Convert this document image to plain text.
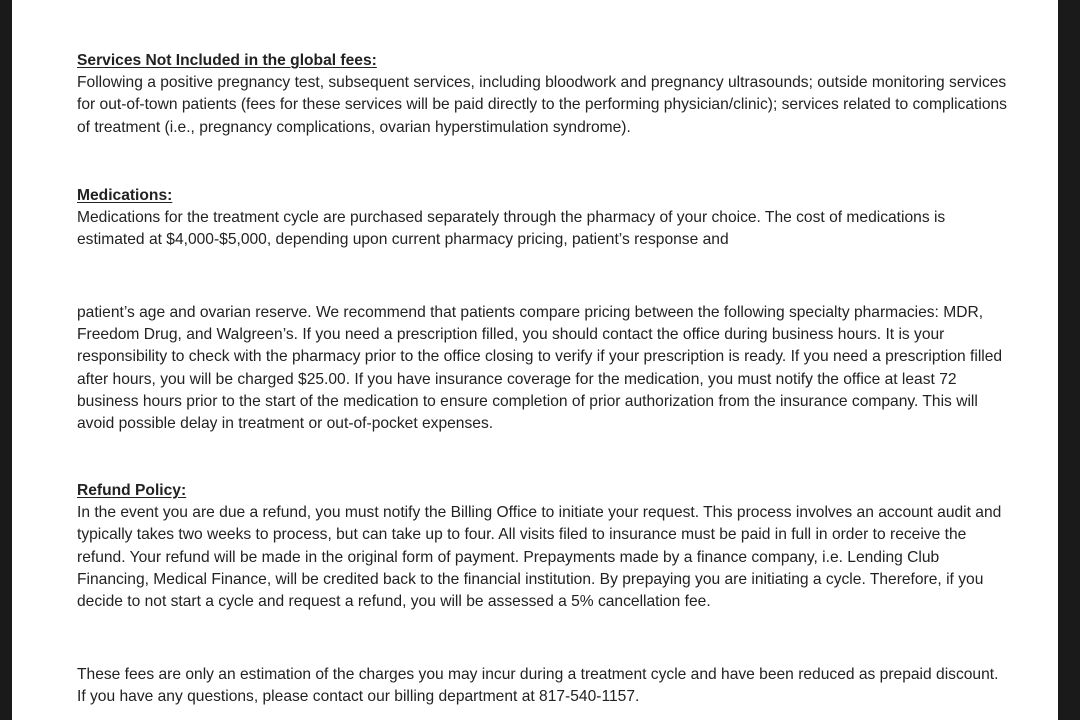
Services Not Included in the global fees:

Following a positive pregnancy test, subsequent services, including bloodwork and pregnancy ultrasounds; outside monitoring services for out-of-town patients (fees for these services will be paid directly to the performing physician/clinic); services related to complications of treatment (i.e., pregnancy complications, ovarian hyperstimulation syndrome).

Medications:

Medications for the treatment cycle are purchased separately through the pharmacy of your choice. The cost of medications is estimated at $4,000-$5,000, depending upon current pharmacy pricing, patient’s response and

patient’s age and ovarian reserve. We recommend that patients compare pricing between the following specialty pharmacies: MDR, Freedom Drug, and Walgreen’s. If you need a prescription filled, you should contact the office during business hours. It is your responsibility to check with the pharmacy prior to the office closing to verify if your prescription is ready. If you need a prescription filled after hours, you will be charged $25.00. If you have insurance coverage for the medication, you must notify the office at least 72 business hours prior to the start of the medication to ensure completion of prior authorization from the insurance company. This will avoid possible delay in treatment or out-of-pocket expenses.

Refund Policy:

In the event you are due a refund, you must notify the Billing Office to initiate your request. This process involves an account audit and typically takes two weeks to process, but can take up to four. All visits filed to insurance must be paid in full in order to receive the refund. Your refund will be made in the original form of payment. Prepayments made by a finance company, i.e. Lending Club Financing, Medical Finance, will be credited back to the financial institution. By prepaying you are initiating a cycle. Therefore, if you decide to not start a cycle and request a refund, you will be assessed a 5% cancellation fee.

These fees are only an estimation of the charges you may incur during a treatment cycle and have been reduced as prepaid discount. If you have any questions, please contact our billing department at 817-540-1157.
